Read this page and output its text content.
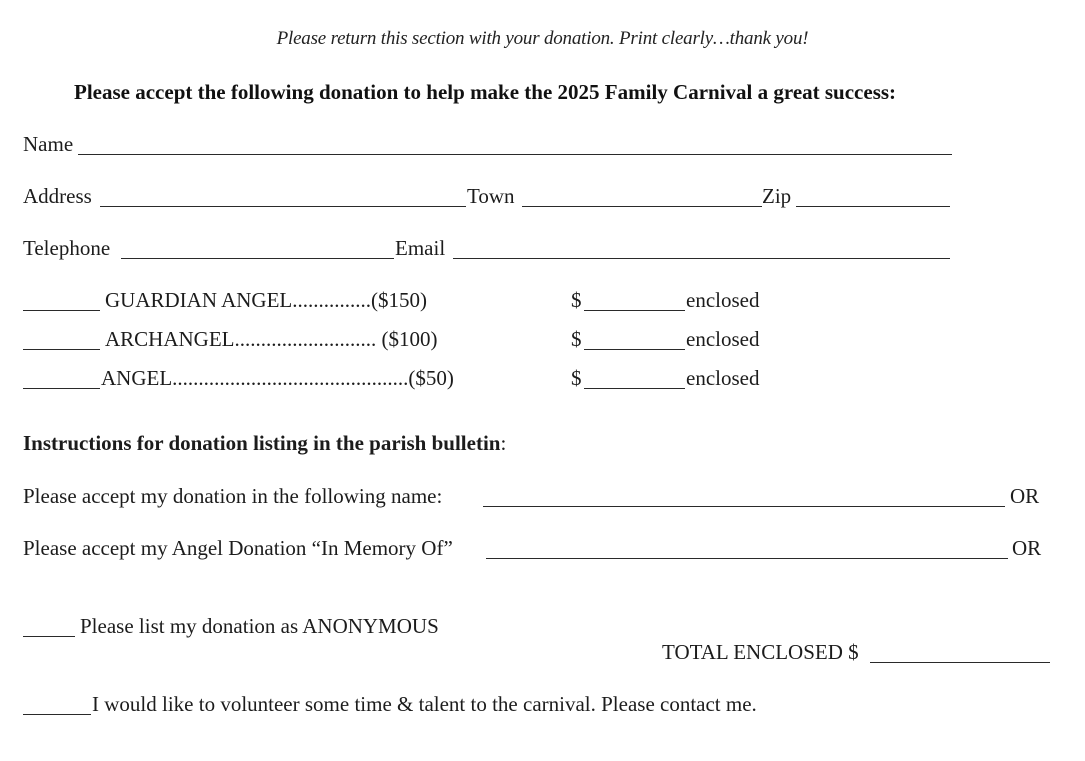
Please return this section with your donation. Print clearly…thank you!
Please accept the following donation to help make the 2025 Family Carnival a great success:
Name
Address	Town	Zip
Telephone	Email
GUARDIAN ANGEL...............($150)	$	enclosed
ARCHANGEL........................... ($100)	$	enclosed
ANGEL.............................................($50)	$	enclosed
Instructions for donation listing in the parish bulletin:
Please accept my donation in the following name:	OR
Please accept my Angel Donation “In Memory Of”	OR
Please list my donation as ANONYMOUS
TOTAL ENCLOSED $
I would like to volunteer some time & talent to the carnival. Please contact me.
